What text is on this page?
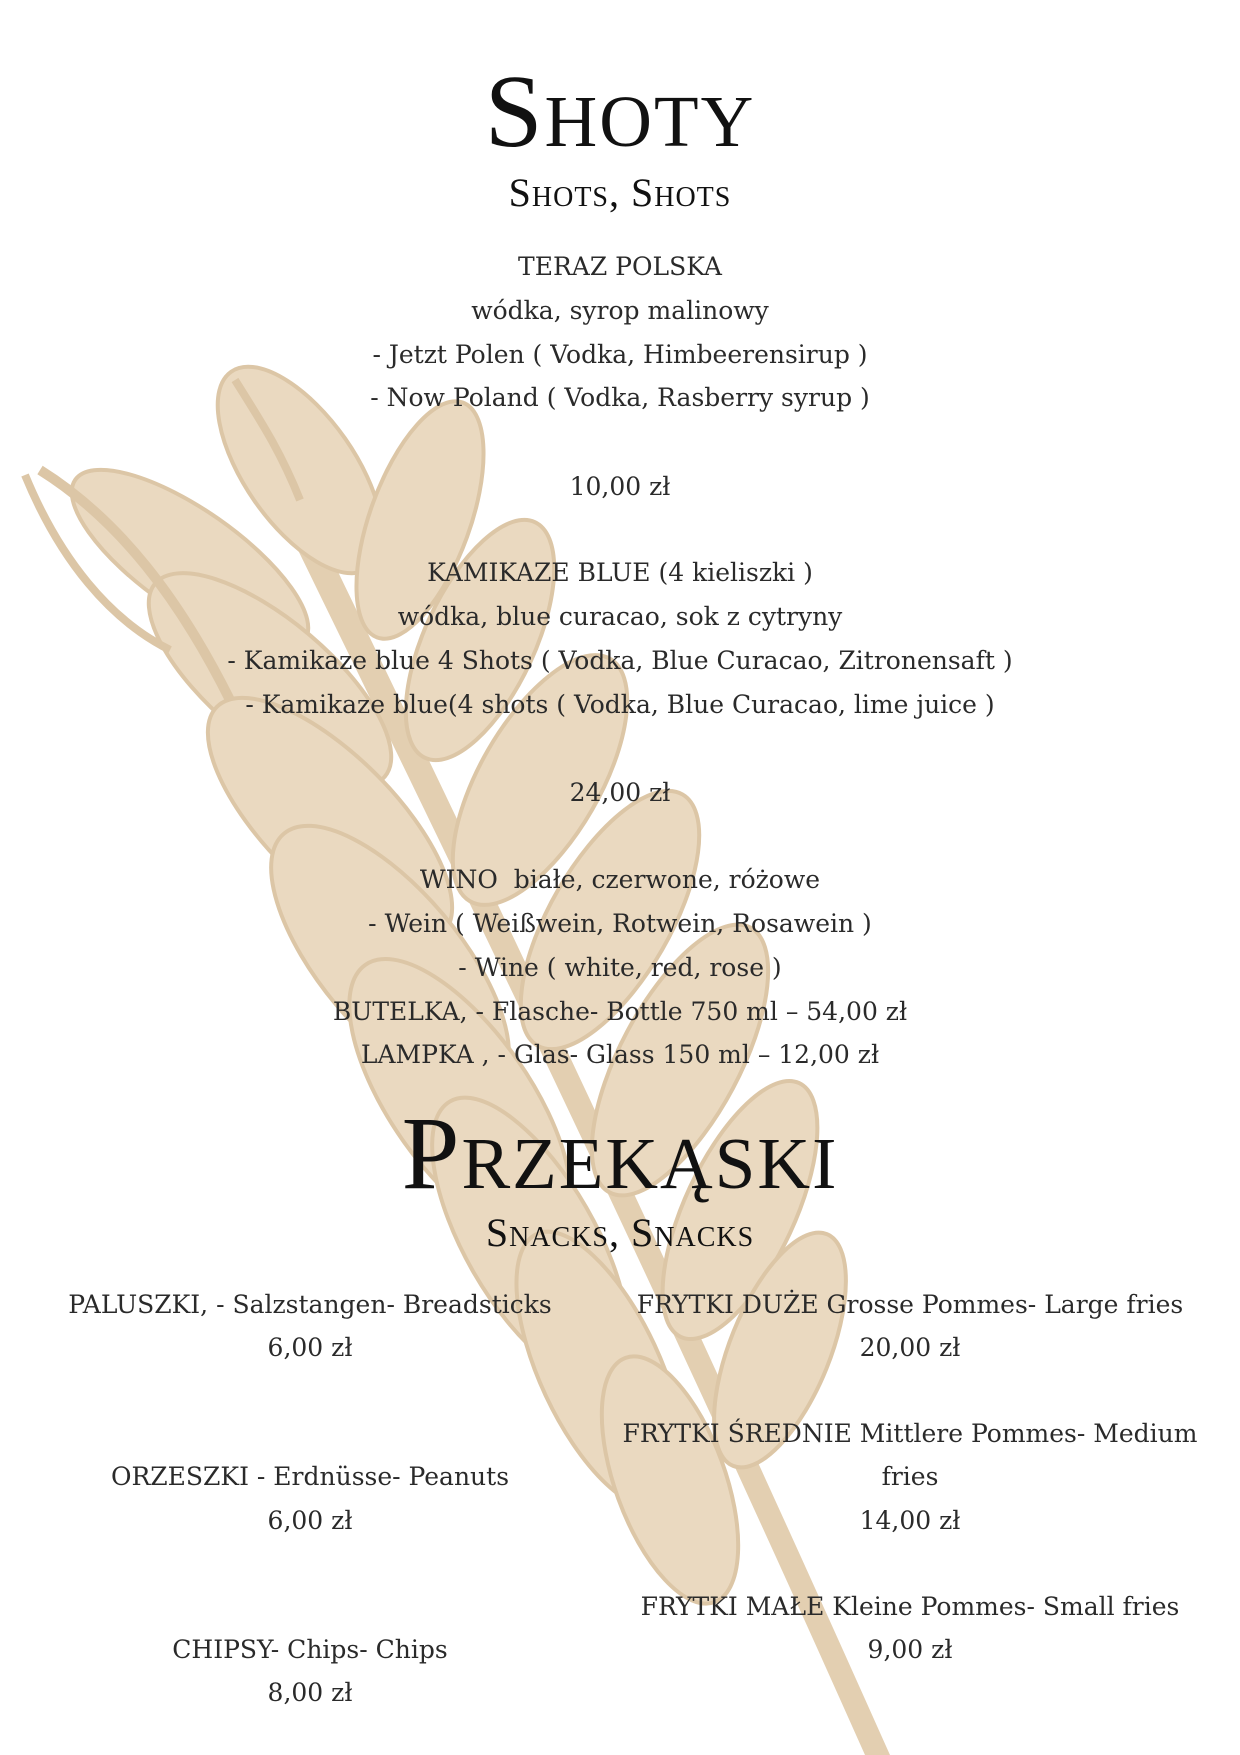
Shoty
Shots, Shots
TERAZ POLSKA
wódka, syrop malinowy
- Jetzt Polen ( Vodka, Himbeerensirup )
- Now Poland ( Vodka, Rasberry syrup )
10,00 zł
KAMIKAZE BLUE (4 kieliszki )
wódka, blue curacao, sok z cytryny
- Kamikaze blue 4 Shots ( Vodka, Blue Curacao, Zitronensaft )
- Kamikaze blue(4 shots ( Vodka, Blue Curacao, lime juice )
24,00 zł
WINO białe, czerwone, różowe
- Wein ( Weißwein, Rotwein, Rosawein )
- Wine ( white, red, rose )
BUTELKA, - Flasche- Bottle 750 ml – 54,00 zł
LAMPKA , - Glas- Glass 150 ml – 12,00 zł
Przekąski
Snacks, Snacks
PALUSZKI, - Salzstangen- Breadsticks
6,00 zł
ORZESZKI - Erdnüsse- Peanuts
6,00 zł
CHIPSY- Chips- Chips
8,00 zł
FRYTKI DUŻE Grosse Pommes- Large fries
20,00 zł
FRYTKI ŚREDNIE Mittlere Pommes- Medium
fries
14,00 zł
FRYTKI MAŁE Kleine Pommes- Small fries
9,00 zł
